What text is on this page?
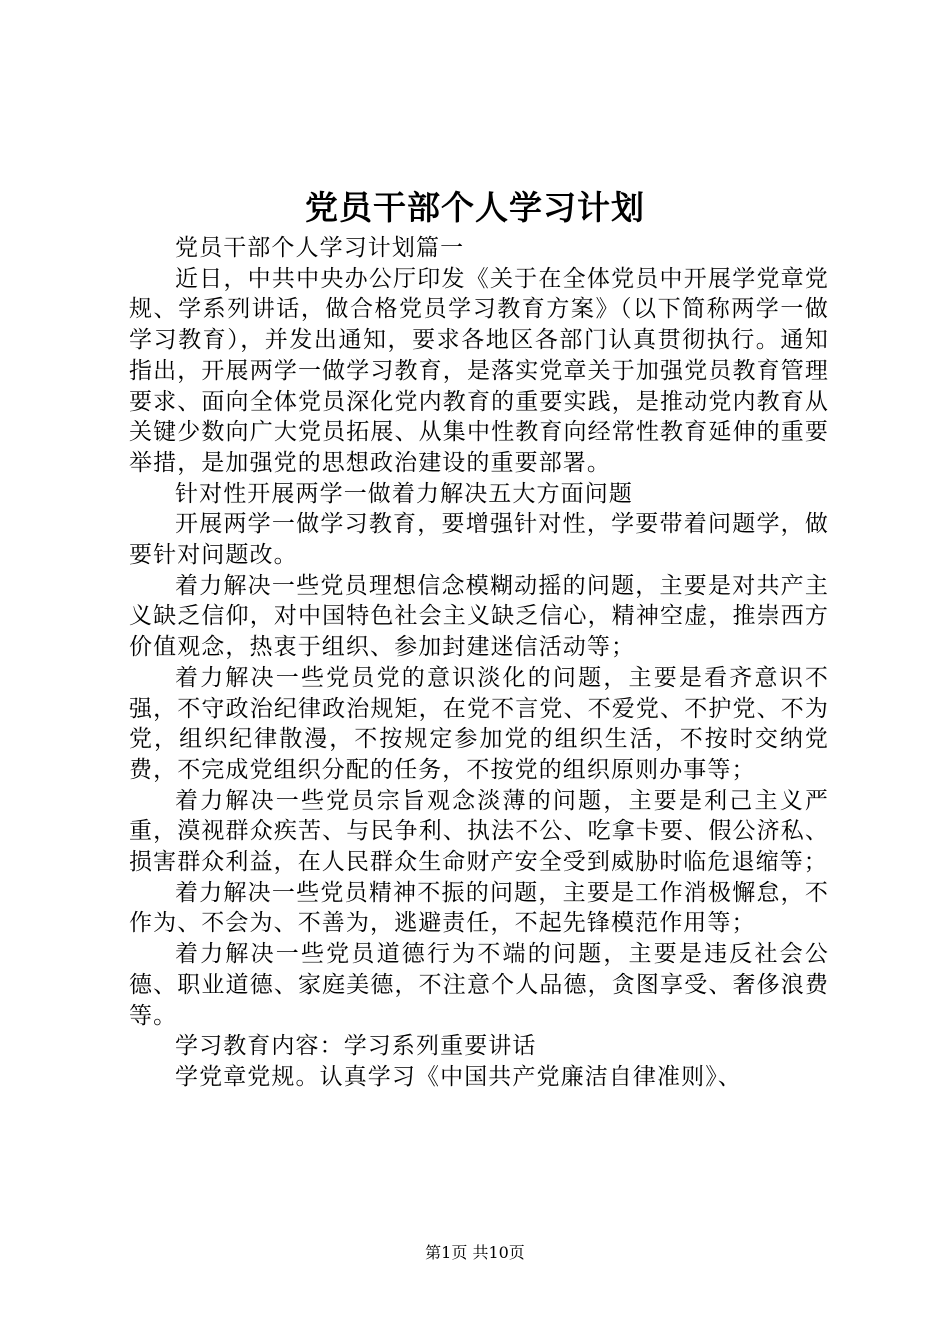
党员干部个人学习计划

党员干部个人学习计划篇一

近日，中共中央办公厅印发《关于在全体党员中开展学党章党规、学系列讲话，做合格党员学习教育方案》（以下简称两学一做学习教育），并发出通知，要求各地区各部门认真贯彻执行。通知指出，开展两学一做学习教育，是落实党章关于加强党员教育管理要求、面向全体党员深化党内教育的重要实践，是推动党内教育从关键少数向广大党员拓展、从集中性教育向经常性教育延伸的重要举措，是加强党的思想政治建设的重要部署。

针对性开展两学一做着力解决五大方面问题

开展两学一做学习教育，要增强针对性，学要带着问题学，做要针对问题改。

着力解决一些党员理想信念模糊动摇的问题，主要是对共产主义缺乏信仰，对中国特色社会主义缺乏信心，精神空虚，推崇西方价值观念，热衷于组织、参加封建迷信活动等；

着力解决一些党员党的意识淡化的问题，主要是看齐意识不强，不守政治纪律政治规矩，在党不言党、不爱党、不护党、不为党，组织纪律散漫，不按规定参加党的组织生活，不按时交纳党费，不完成党组织分配的任务，不按党的组织原则办事等；

着力解决一些党员宗旨观念淡薄的问题，主要是利己主义严重，漠视群众疾苦、与民争利、执法不公、吃拿卡要、假公济私、损害群众利益，在人民群众生命财产安全受到威胁时临危退缩等；

着力解决一些党员精神不振的问题，主要是工作消极懈怠，不作为、不会为、不善为，逃避责任，不起先锋模范作用等；

着力解决一些党员道德行为不端的问题，主要是违反社会公德、职业道德、家庭美德，不注意个人品德，贪图享受、奢侈浪费等。

学习教育内容：学习系列重要讲话

学党章党规。认真学习《中国共产党廉洁自律准则》、

第1页 共10页
